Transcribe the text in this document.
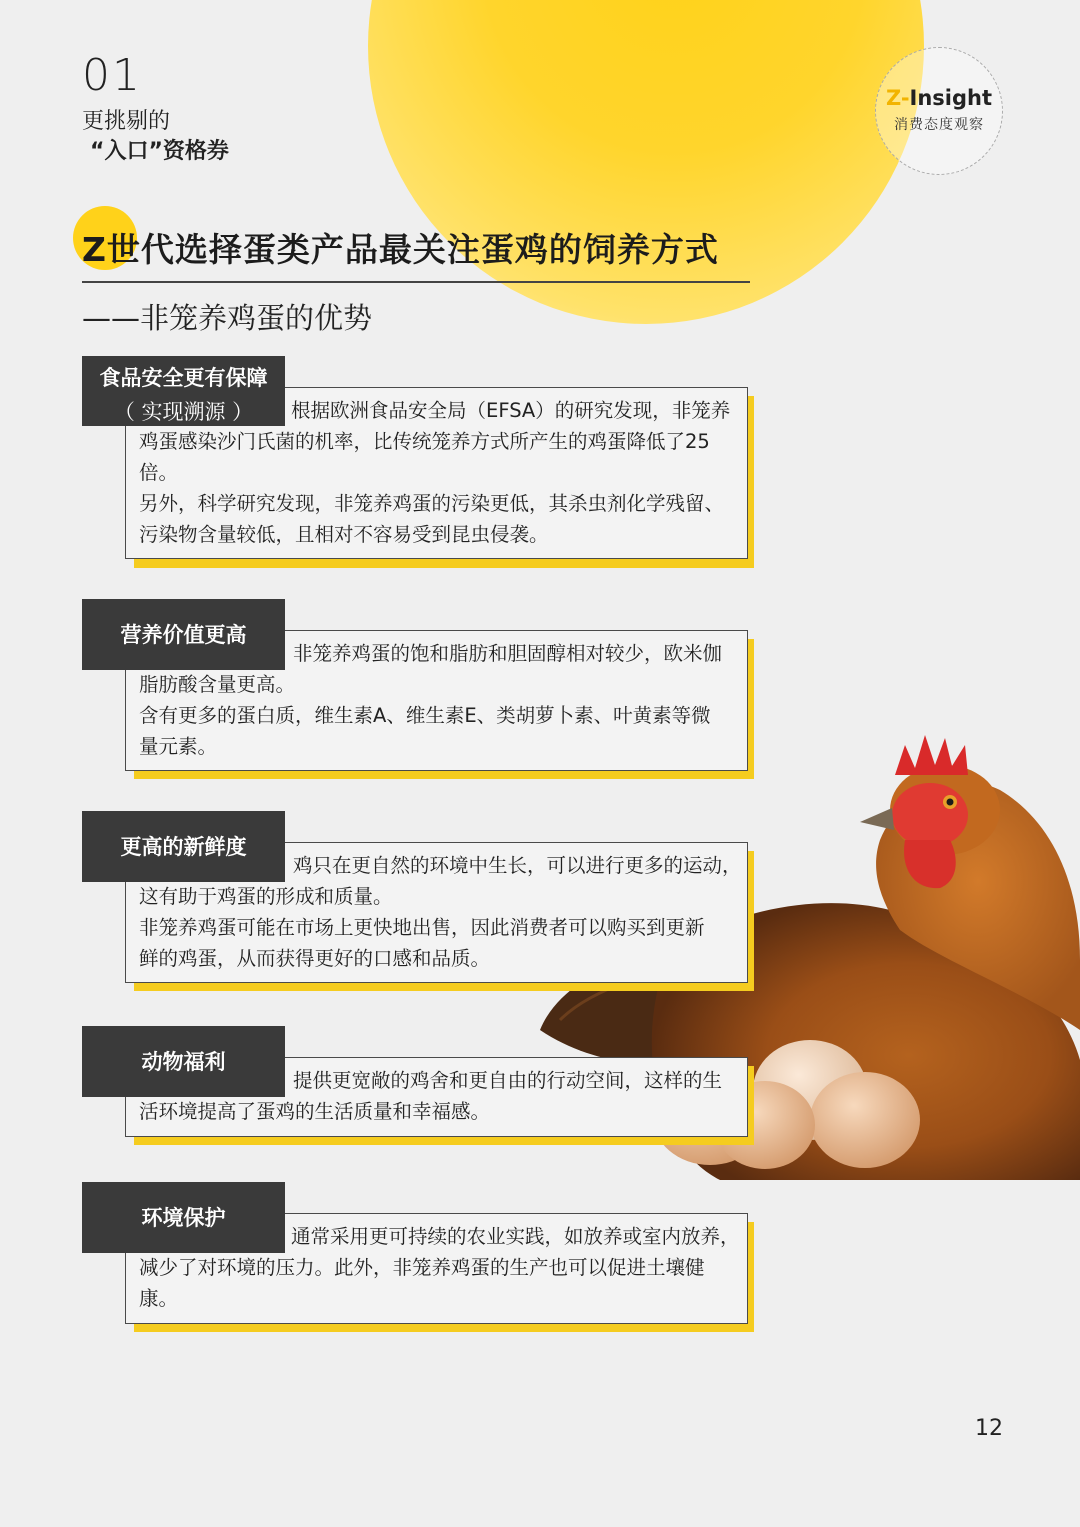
01
更挑剔的
“入口”资格券
Z-Insight
消费态度观察
Z世代选择蛋类产品最关注蛋鸡的饲养方式
——非笼养鸡蛋的优势
根据欧洲食品安全局（EFSA）的研究发现，非笼养

鸡蛋感染沙门氏菌的机率，比传统笼养方式所产生的鸡蛋降低了25

倍。

另外，科学研究发现，非笼养鸡蛋的污染更低，其杀虫剂化学残留、

污染物含量较低，且相对不容易受到昆虫侵袭。

食品安全更有保障
（ 实现溯源 ）
非笼养鸡蛋的饱和脂肪和胆固醇相对较少，欧米伽

脂肪酸含量更高。

含有更多的蛋白质，维生素A、维生素E、类胡萝卜素、叶黄素等微

量元素。

营养价值更高
鸡只在更自然的环境中生长，可以进行更多的运动，

这有助于鸡蛋的形成和质量。

非笼养鸡蛋可能在市场上更快地出售，因此消费者可以购买到更新

鲜的鸡蛋，从而获得更好的口感和品质。

更高的新鲜度
提供更宽敞的鸡舍和更自由的行动空间，这样的生

活环境提高了蛋鸡的生活质量和幸福感。

动物福利
通常采用更可持续的农业实践，如放养或室内放养，

减少了对环境的压力。此外，非笼养鸡蛋的生产也可以促进土壤健

康。

环境保护
12
